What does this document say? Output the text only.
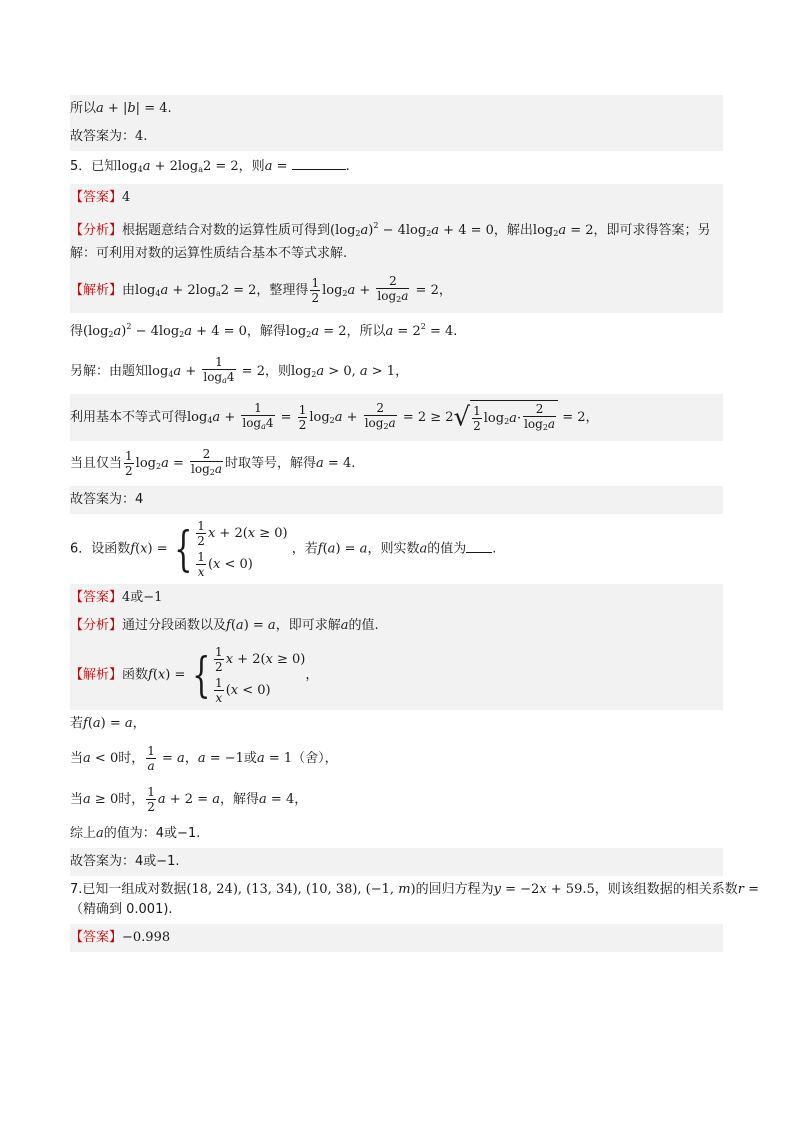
所以a + |b| = 4.
故答案为：4.
5．已知$\log_4a + 2\log_a2 = 2$，则a =	.
【答案】4
【分析】根据题意结合对数的运算性质可得到$(\log_2a)^2 - 4\log_2a + 4 = 0$，解出$\log_2a = 2$，即可求得答案；另
解：可利用对数的运算性质结合基本不等式求解.
【解析】由$\log_4a + 2\log_a2 = 2$，整理得 $\frac{1}{2} \log_2a + \frac{2}{\log_2a} = 2$，
得$(\log_2a)^2 - 4\log_2a + 4 = 0$，解得$\log_2a = 2$，所以$a = 2^2 = 4$.
另解：由题知$\log_4a + \frac{1}{\log_a4} = 2$，则$\log_2a > 0$, a > 1，
利用基本不等式可得$\log_4a + \frac{1}{\log_a4} = \frac{1}{2} \log_2a + \frac{2}{\log_2a} = 2 \ge 2√ \frac{1}{2} \log_2a\cdot \frac{2}{\log_2a} = 2$，
当且仅当 $\frac{1}{2} \log_2a = \frac{2}{\log_2a}$ 时取等号，解得a = 4.
故答案为：4
6．设函数f(x) = { $\frac{1}{2}$ x + 2(x ≥ 0)
$\frac{1}{x} (x < 0)$
，若f(a) = a，则实数a的值为 .
【答案】4或−1
【分析】通过分段函数以及f(a) = a，即可求解a的值.
【解析】函数f(x) = { $\frac{1}{2}$ x + 2(x ≥ 0)
$\frac{1}{x} (x < 0)$
，
若f(a) = a，
当a < 0时， $\frac{1}{a} = a$，a = −1或a = 1（舍），
当a ≥ 0时， $\frac{1}{2}$ a + 2 = a，解得a = 4，
综上a的值为：4或−1.
故答案为：4或−1.
7.已知一组成对数据(18, 24), (13, 34), (10, 38), (−1, m)的回归方程为y = −2x + 59.5，则该组数据的相关系数r =
（精确到 0.001).
【答案】−0.998
